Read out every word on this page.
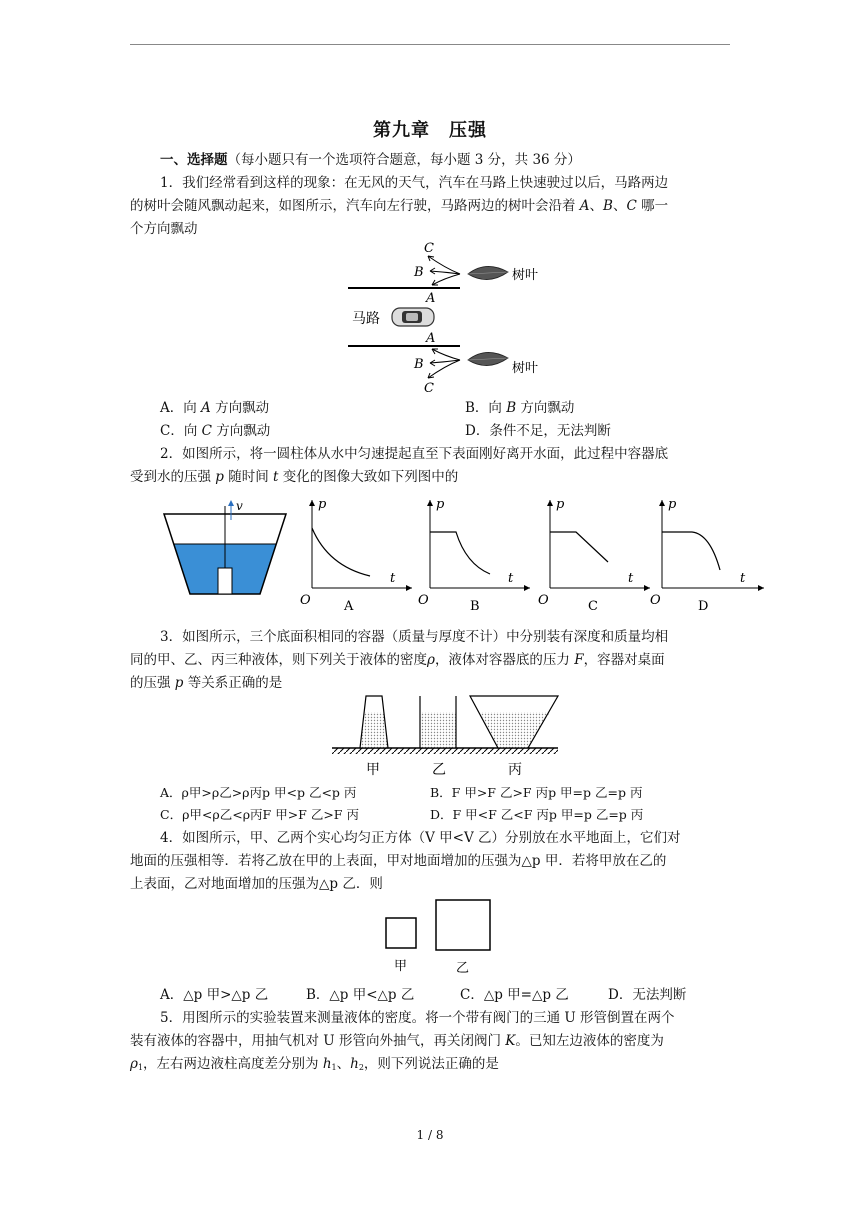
第九章　压强
一、选择题（每小题只有一个选项符合题意，每小题 3 分，共 36 分）
1．我们经常看到这样的现象：在无风的天气，汽车在马路上快速驶过以后，马路两边
的树叶会随风飘动起来，如图所示，汽车向左行驶，马路两边的树叶会沿着 A、B、C 哪一
个方向飘动
C
B
A
A
B
C
马路
树叶
树叶
A．向 A 方向飘动	B．向 B 方向飘动
C．向 C 方向飘动	D．条件不足，无法判断
2．如图所示，将一圆柱体从水中匀速提起直至下表面刚好离开水面，此过程中容器底
受到水的压强 p 随时间 t 变化的图像大致如下列图中的
v	p
t
O	A
p
t
O	B
p
t
O	C
p
t
O	D
3．如图所示，三个底面积相同的容器（质量与厚度不计）中分别装有深度和质量均相
同的甲、乙、丙三种液体，则下列关于液体的密度ρ，液体对容器底的压力 F，容器对桌面
的压强 p 等关系正确的是
甲	乙	丙
A．ρ甲>ρ乙>ρ丙p 甲<p 乙<p 丙	B．F 甲>F 乙>F 丙p 甲=p 乙=p 丙
C．ρ甲<ρ乙<ρ丙F 甲>F 乙>F 丙	D．F 甲<F 乙<F 丙p 甲=p 乙=p 丙
4．如图所示，甲、乙两个实心均匀正方体（V 甲<V 乙）分别放在水平地面上，它们对
地面的压强相等．若将乙放在甲的上表面，甲对地面增加的压强为△p 甲．若将甲放在乙的
上表面，乙对地面增加的压强为△p 乙．则
甲	乙
A．△p 甲>△p 乙	B．△p 甲<△p 乙	C．△p 甲=△p 乙	D．无法判断
5．用图所示的实验装置来测量液体的密度。将一个带有阀门的三通 U 形管倒置在两个
装有液体的容器中，用抽气机对 U 形管向外抽气，再关闭阀门 K。已知左边液体的密度为
$\rho_1$，左右两边液柱高度差分别为 $h_1$、$h_2$，则下列说法正确的是
1 / 8
